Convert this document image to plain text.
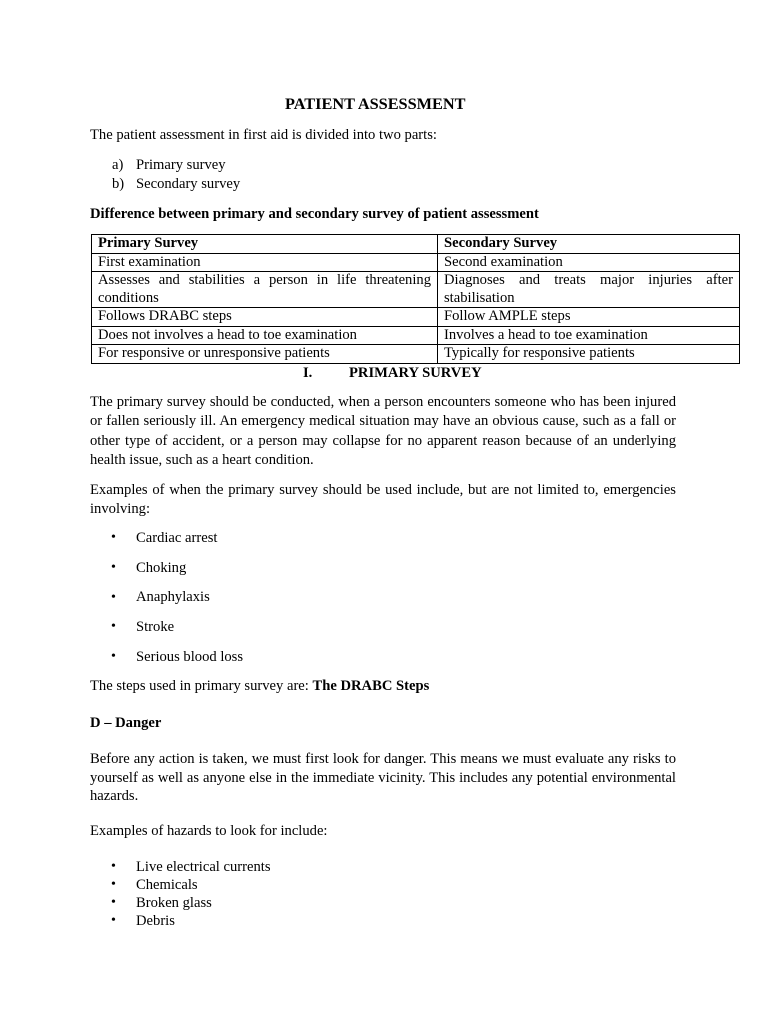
PATIENT ASSESSMENT
The patient assessment in first aid is divided into two parts:
a) Primary survey
b) Secondary survey
Difference between primary and secondary survey of patient assessment
Primary Survey	Secondary Survey
First examination	Second examination
Assesses and stabilities a person in life threatening conditions	Diagnoses and treats major injuries after stabilisation
Follows DRABC steps	Follow AMPLE steps
Does not involves a head to toe examination	Involves a head to toe examination
For responsive or unresponsive patients	Typically for responsive patients
I.	PRIMARY SURVEY
The primary survey should be conducted, when a person encounters someone who has been injured or fallen seriously ill. An emergency medical situation may have an obvious cause, such as a fall or other type of accident, or a person may collapse for no apparent reason because of an underlying health issue, such as a heart condition.
Examples of when the primary survey should be used include, but are not limited to, emergencies involving:
• Cardiac arrest
• Choking
• Anaphylaxis
• Stroke
• Serious blood loss
The steps used in primary survey are: The DRABC Steps
D – Danger
Before any action is taken, we must first look for danger. This means we must evaluate any risks to yourself as well as anyone else in the immediate vicinity. This includes any potential environmental hazards.
Examples of hazards to look for include:
• Live electrical currents
• Chemicals
• Broken glass
• Debris
